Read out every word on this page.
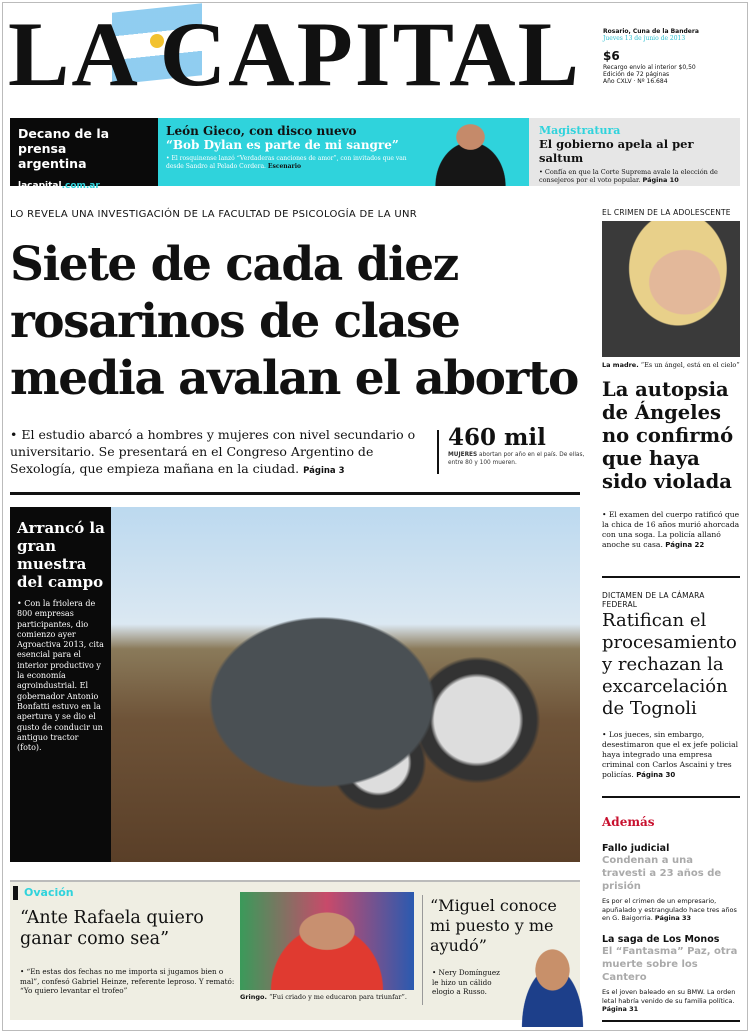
LA CAPITAL	Rosario, Cuna de la Bandera
Jueves 13 de junio de 2013
$6
Recargo envío al interior $0,50
Edición de 72 páginas
Año CXLV · Nº 16.684
Decano de la prensa argentina
lacapital.com.ar
León Gieco, con disco nuevo
“Bob Dylan es parte de mi sangre”
• El rosquinense lanzó “Verdaderas canciones de amor”, con invitados que van desde Sandro al Pelado Cordera. Escenario
Magistratura
El gobierno apela al per saltum
• Confía en que la Corte Suprema avale la elección de consejeros por el voto popular. Página 10
LO REVELA UNA INVESTIGACIÓN DE LA FACULTAD DE PSICOLOGÍA DE LA UNR
Siete de cada diez
rosarinos de clase
media avalan el aborto
• El estudio abarcó a hombres y mujeres con nivel secundario o universitario. Se presentará en el Congreso Argentino de Sexología, que empieza mañana en la ciudad. Página 3
460 mil
MUJERES abortan por año en el país. De ellas, entre 80 y 100 mueren.
Arrancó la gran muestra del campo
• Con la friolera de 800 empresas participantes, dio comienzo ayer Agroactiva 2013, cita esencial para el interior productivo y la economía agroindustrial. El gobernador Antonio Bonfatti estuvo en la apertura y se dio el gusto de conducir un antiguo tractor (foto).
EL CRIMEN DE LA ADOLESCENTE
La madre. “Es un ángel, está en el cielo”
La autopsia de Ángeles no confirmó que haya sido violada
• El examen del cuerpo ratificó que la chica de 16 años murió ahorcada con una soga. La policía allanó anoche su casa. Página 22
DICTAMEN DE LA CÁMARA FEDERAL
Ratifican el procesamiento y rechazan la excarcelación de Tognoli
• Los jueces, sin embargo, desestimaron que el ex jefe policial haya integrado una empresa criminal con Carlos Ascaini y tres policías. Página 30
Además
Fallo judicial
Condenan a una travesti a 23 años de prisión
Es por el crimen de un empresario, apuñalado y estrangulado hace tres años en G. Baigorria. Página 33
La saga de Los Monos
El “Fantasma” Paz, otra muerte sobre los Cantero
Es el joven baleado en su BMW. La orden letal habría venido de su familia política. Página 31
Ovación
“Ante Rafaela quiero ganar como sea”
• “En estas dos fechas no me importa si jugamos bien o mal”, confesó Gabriel Heinze, referente leproso. Y remató: “Yo quiero levantar el trofeo”
Gringo. “Fui criado y me educaron para triunfar”.
“Miguel conoce mi puesto y me ayudó”
• Nery Domínguez le hizo un cálido elogio a Russo.
